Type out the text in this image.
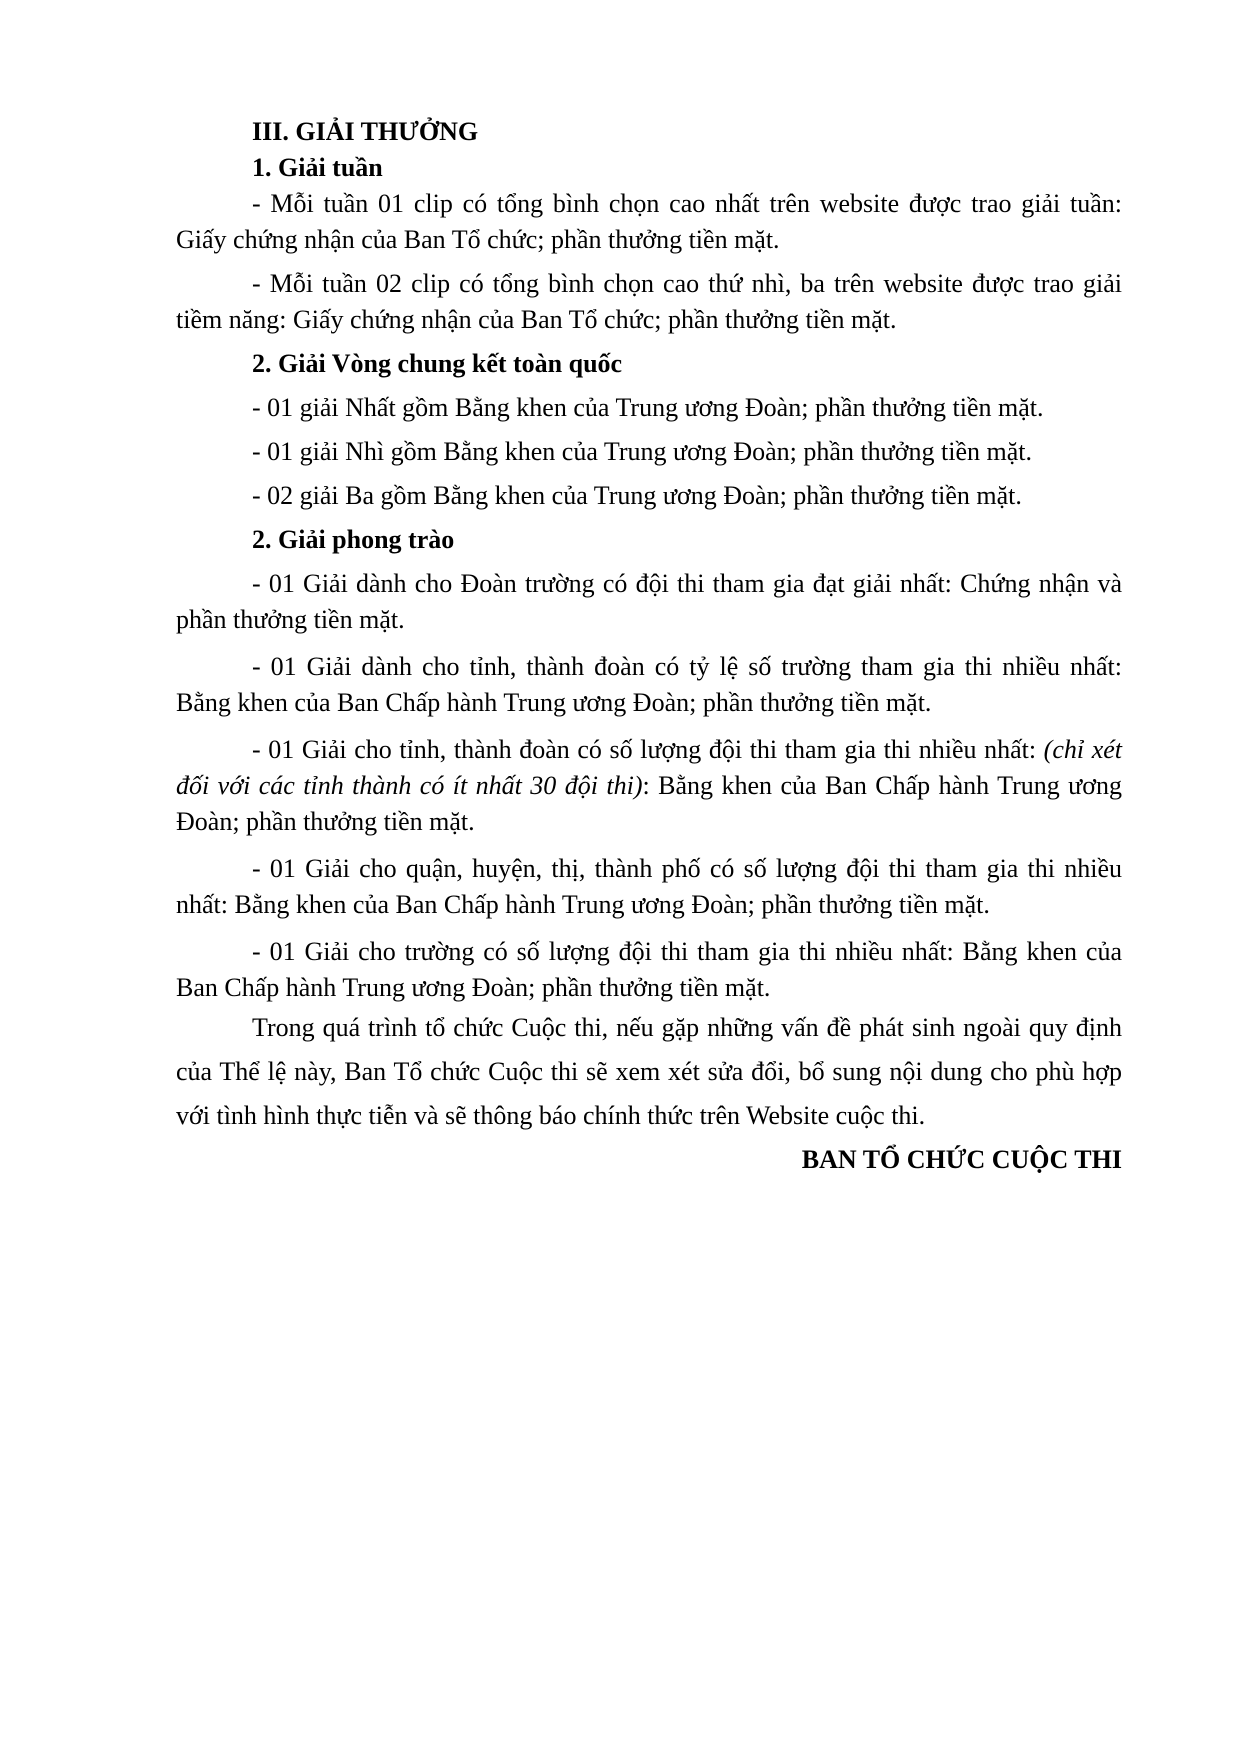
III. GIẢI THƯỞNG
1. Giải tuần

- Mỗi tuần 01 clip có tổng bình chọn cao nhất trên website được trao giải tuần: Giấy chứng nhận của Ban Tổ chức; phần thưởng tiền mặt.

- Mỗi tuần 02 clip có tổng bình chọn cao thứ nhì, ba trên website được trao giải tiềm năng: Giấy chứng nhận của Ban Tổ chức; phần thưởng tiền mặt.

2. Giải Vòng chung kết toàn quốc

- 01 giải Nhất gồm Bằng khen của Trung ương Đoàn; phần thưởng tiền mặt.

- 01 giải Nhì gồm Bằng khen của Trung ương Đoàn; phần thưởng tiền mặt.

- 02 giải Ba gồm Bằng khen của Trung ương Đoàn; phần thưởng tiền mặt.

2. Giải phong trào

- 01 Giải dành cho Đoàn trường có đội thi tham gia đạt giải nhất: Chứng nhận và phần thưởng tiền mặt.

- 01 Giải dành cho tỉnh, thành đoàn có tỷ lệ số trường tham gia thi nhiều nhất: Bằng khen của Ban Chấp hành Trung ương Đoàn; phần thưởng tiền mặt.

- 01 Giải cho tỉnh, thành đoàn có số lượng đội thi tham gia thi nhiều nhất: (chỉ xét đối với các tỉnh thành có ít nhất 30 đội thi): Bằng khen của Ban Chấp hành Trung ương Đoàn; phần thưởng tiền mặt.

- 01 Giải cho quận, huyện, thị, thành phố có số lượng đội thi tham gia thi nhiều nhất: Bằng khen của Ban Chấp hành Trung ương Đoàn; phần thưởng tiền mặt.

- 01 Giải cho trường có số lượng đội thi tham gia thi nhiều nhất: Bằng khen của Ban Chấp hành Trung ương Đoàn; phần thưởng tiền mặt.

Trong quá trình tổ chức Cuộc thi, nếu gặp những vấn đề phát sinh ngoài quy định của Thể lệ này, Ban Tổ chức Cuộc thi sẽ xem xét sửa đổi, bổ sung nội dung cho phù hợp với tình hình thực tiễn và sẽ thông báo chính thức trên Website cuộc thi.

BAN TỔ CHỨC CUỘC THI
